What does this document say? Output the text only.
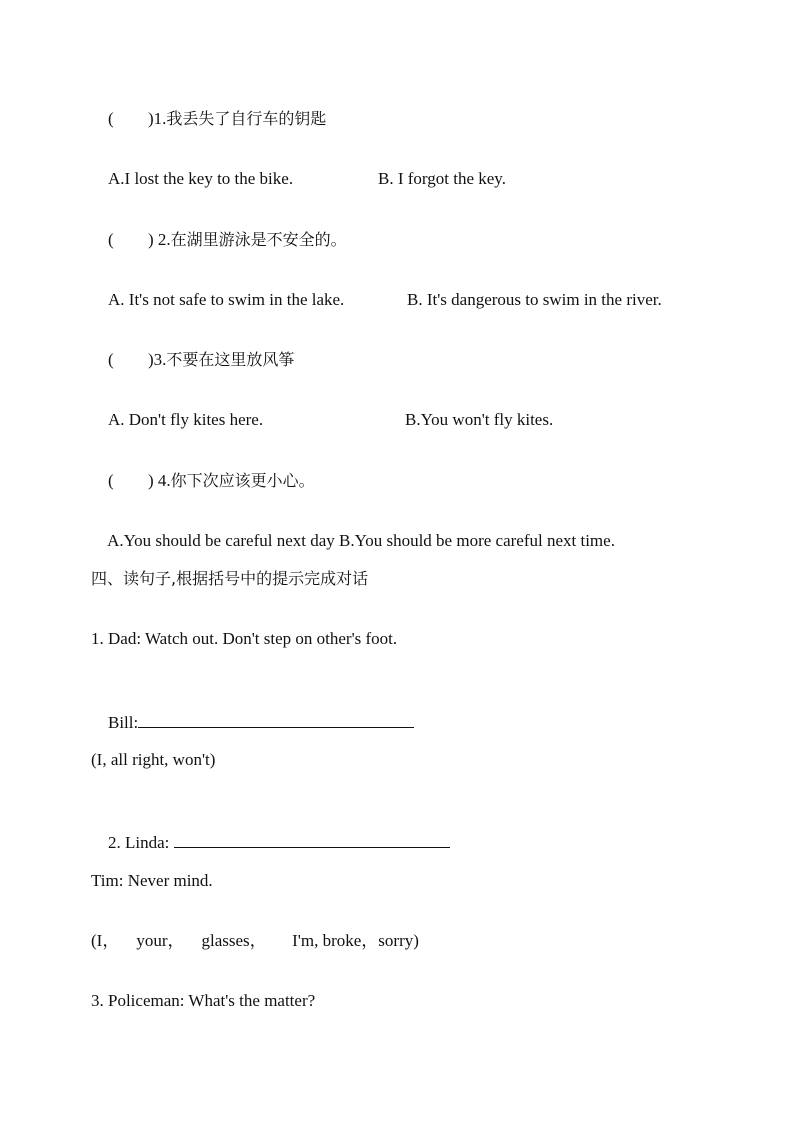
( )1.我丢失了自行车的钥匙

A.I lost the key to the bike.	B. I forgot the key.

( ) 2.在湖里游泳是不安全的。

A. It's not safe to swim in the lake.	B. It's dangerous to swim in the river.

( )3.不要在这里放风筝

A. Don't fly kites here.	B.You won't fly kites.

( ) 4.你下次应该更小心。

A.You should be careful next day B.You should be more careful next time.

四、读句子,根据括号中的提示完成对话
1. Dad: Watch out. Don't step on other's foot.

Bill:

(I, all right, won't)

2. Linda:

Tim: Never mind.
(I，    your，    glasses，      I'm, broke，sorry)
3. Policeman: What's the matter?
